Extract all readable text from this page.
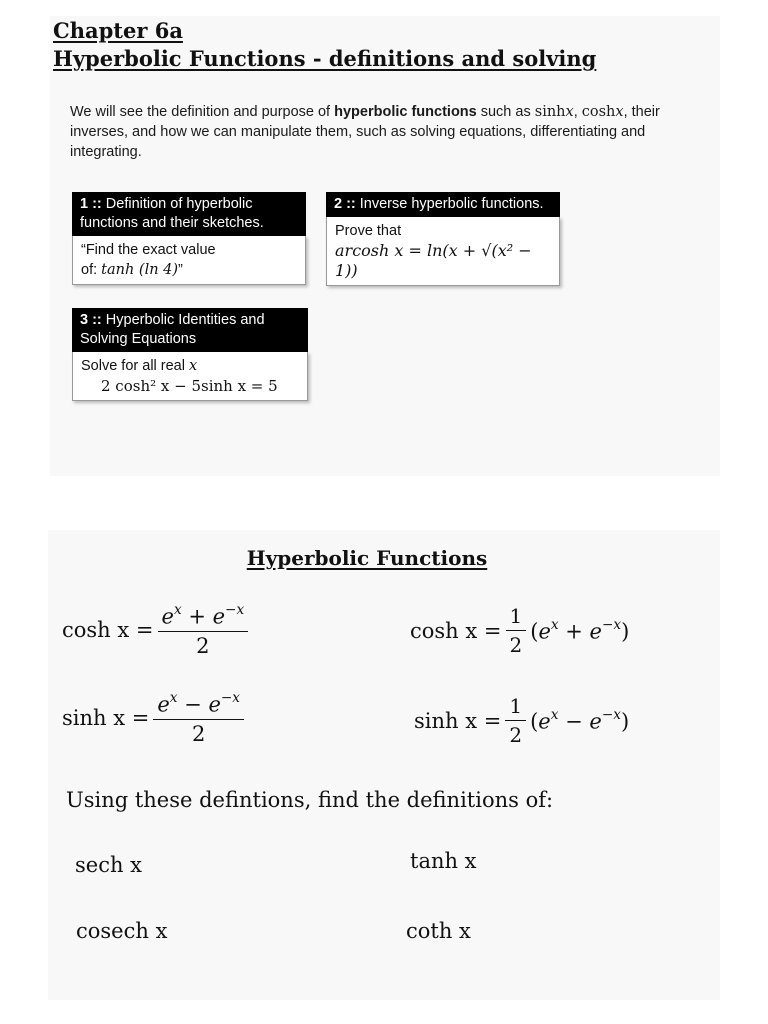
Chapter 6a
Hyperbolic Functions - definitions and solving
We will see the definition and purpose of hyperbolic functions such as sinhx, coshx, their inverses, and how we can manipulate them, such as solving equations, differentiating and integrating.
1 :: Definition of hyperbolic functions and their sketches.
“Find the exact value
of: tanh (ln 4)”
2 :: Inverse hyperbolic functions.
Prove that
arcosh x = ln(x + √(x² − 1))
3 :: Hyperbolic Identities and Solving Equations
Solve for all real x
2 cosh² x − 5sinh x = 5
Hyperbolic Functions
$\cosh x = \frac{e^x + e^{-x}}{2}$
$\sinh x = \frac{e^x - e^{-x}}{2}$
$\cosh x = \frac{1}{2} (e^x + e^{-x})$
$\sinh x = \frac{1}{2} (e^x - e^{-x})$
Using these defintions, find the definitions of:
sech x	tanh x
cosech x	coth x
